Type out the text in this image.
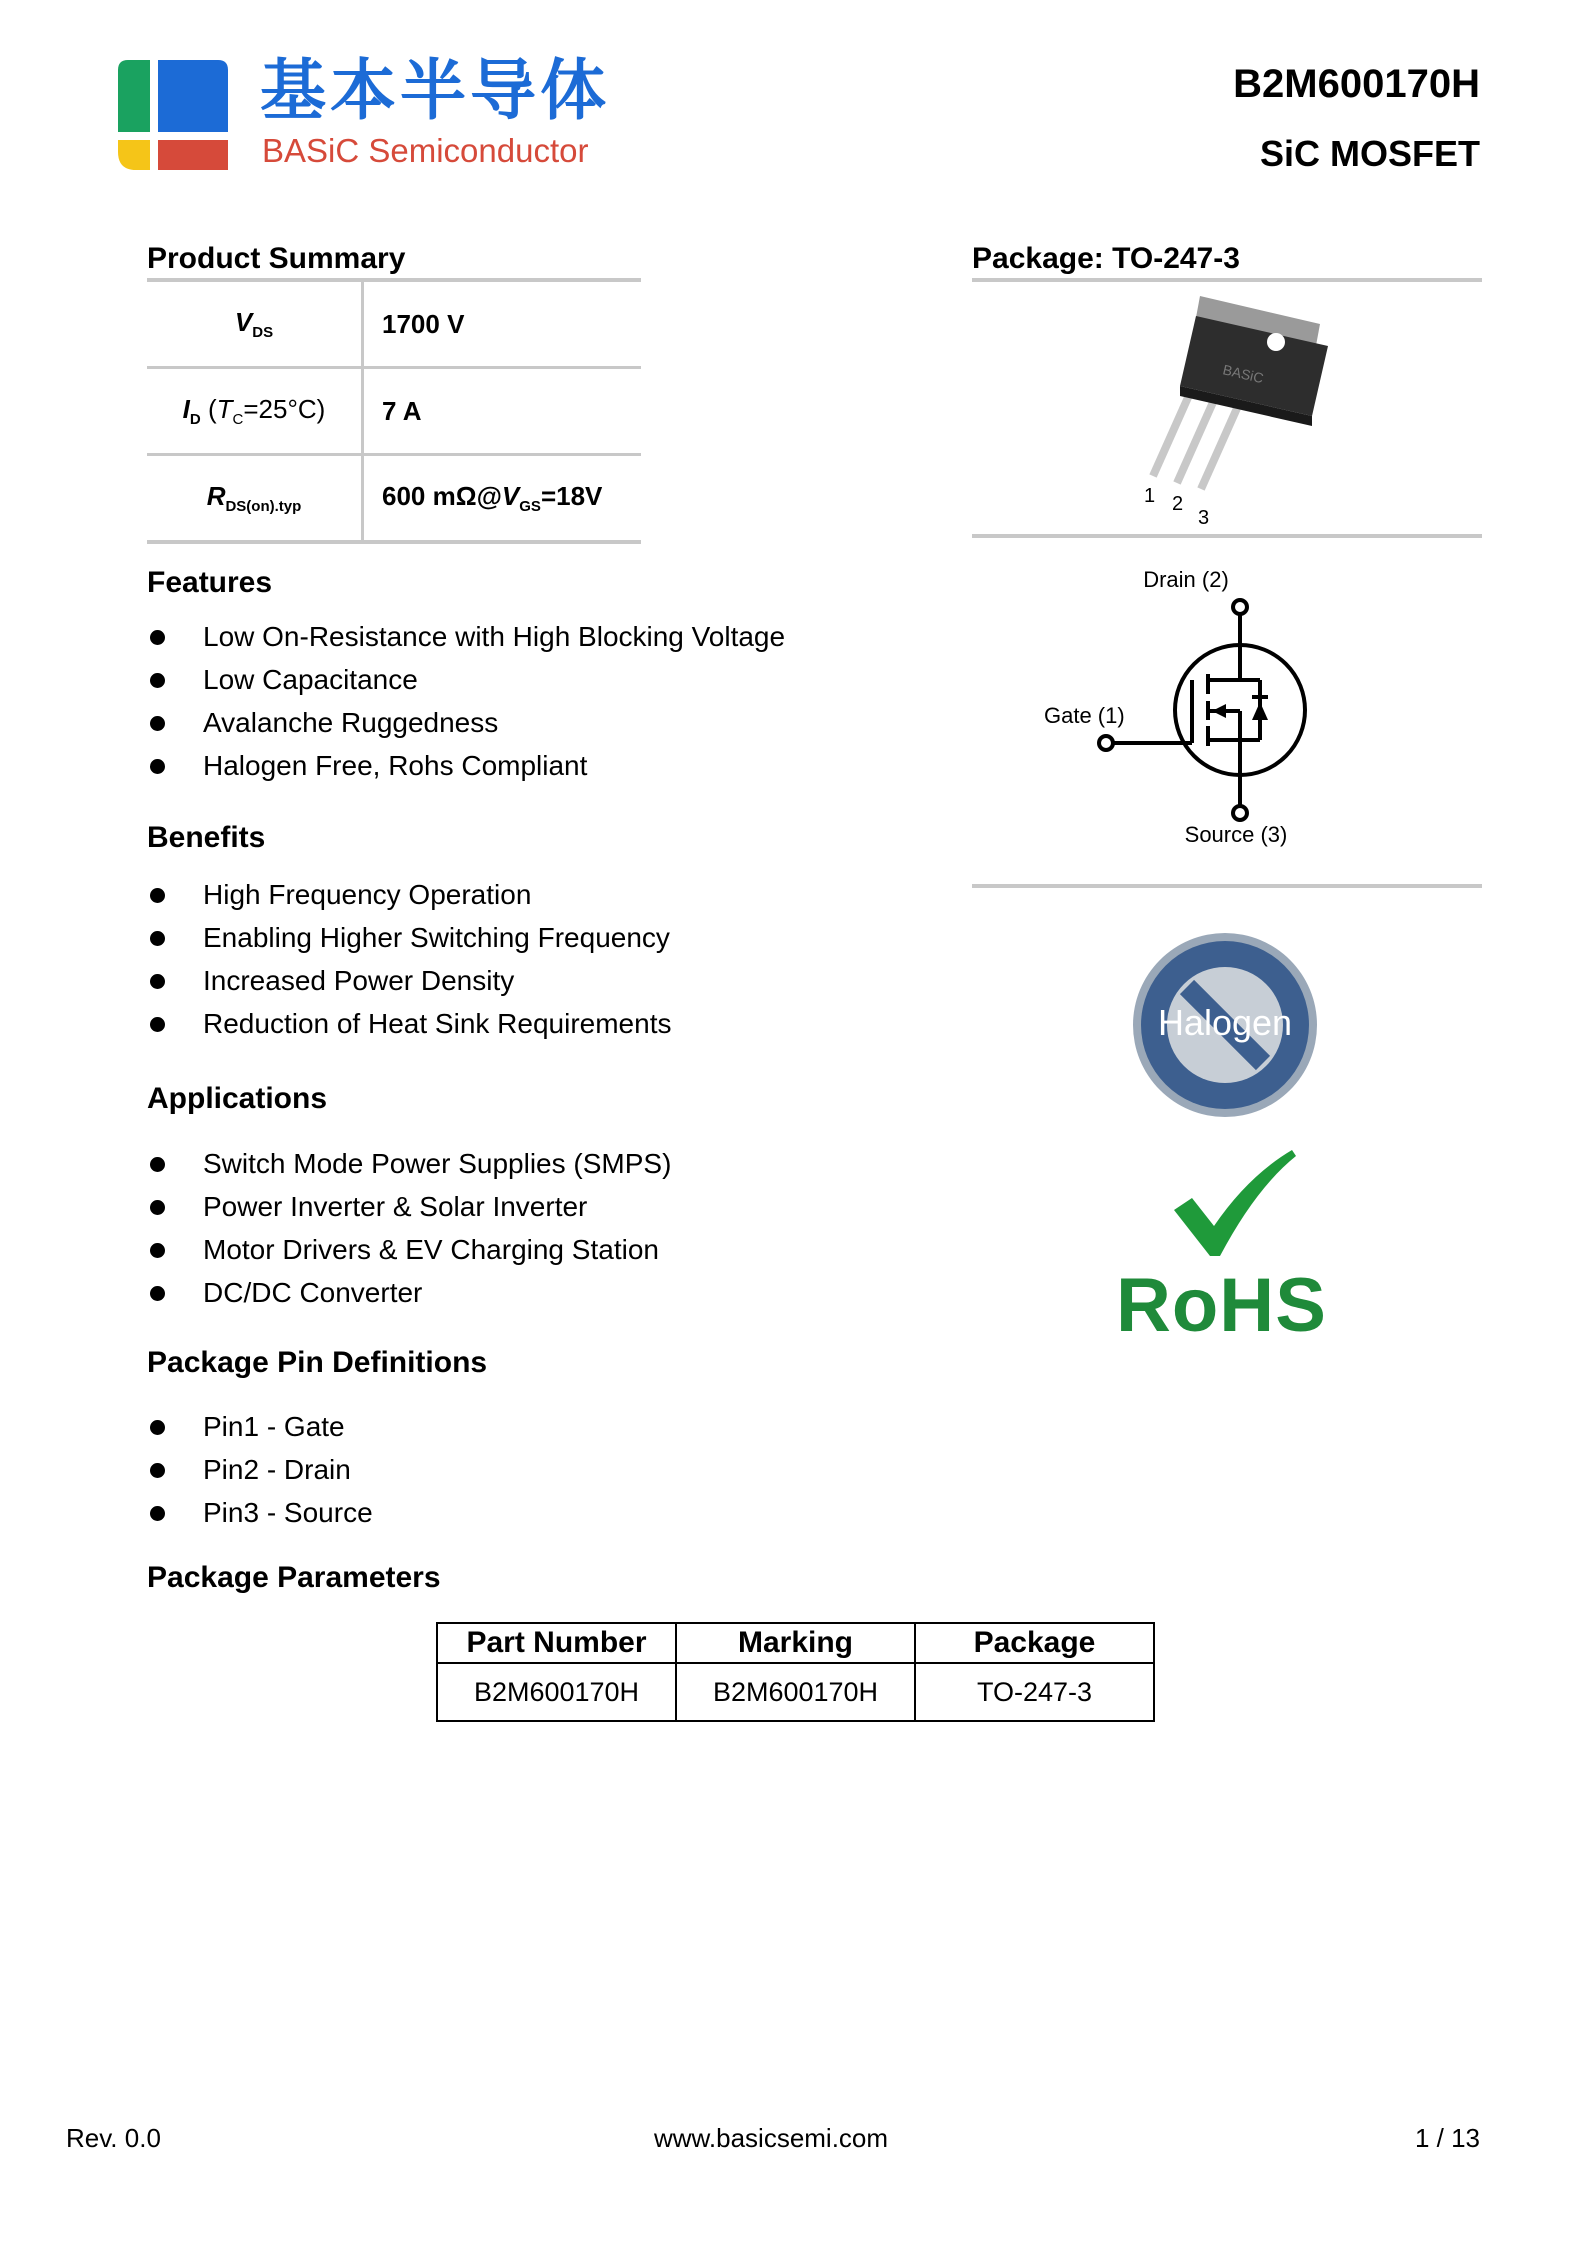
基本半导体
BASiC Semiconductor
B2M600170H
SiC MOSFET
Product Summary
$V_{DS}$	1700 V
$I_D$ $(T_C=25^\circ C)$	7 A
$R_{DS(on).typ}$	600 $m\Omega@V_{GS}=18V$
Package: TO-247-3
BASiC
1 2
3
Drain (2)
Gate (1)
Source (3)
Halogen
RoHS
Features
Low On-Resistance with High Blocking Voltage
Low Capacitance
Avalanche Ruggedness
Halogen Free, Rohs Compliant
Benefits
High Frequency Operation
Enabling Higher Switching Frequency
Increased Power Density
Reduction of Heat Sink Requirements
Applications
Switch Mode Power Supplies (SMPS)
Power Inverter & Solar Inverter
Motor Drivers & EV Charging Station
DC/DC Converter
Package Pin Definitions
Pin1 - Gate
Pin2 - Drain
Pin3 - Source
Package Parameters
Part Number	Marking	Package
B2M600170H	B2M600170H	TO-247-3
Rev. 0.0	www.basicsemi.com	1 / 13
